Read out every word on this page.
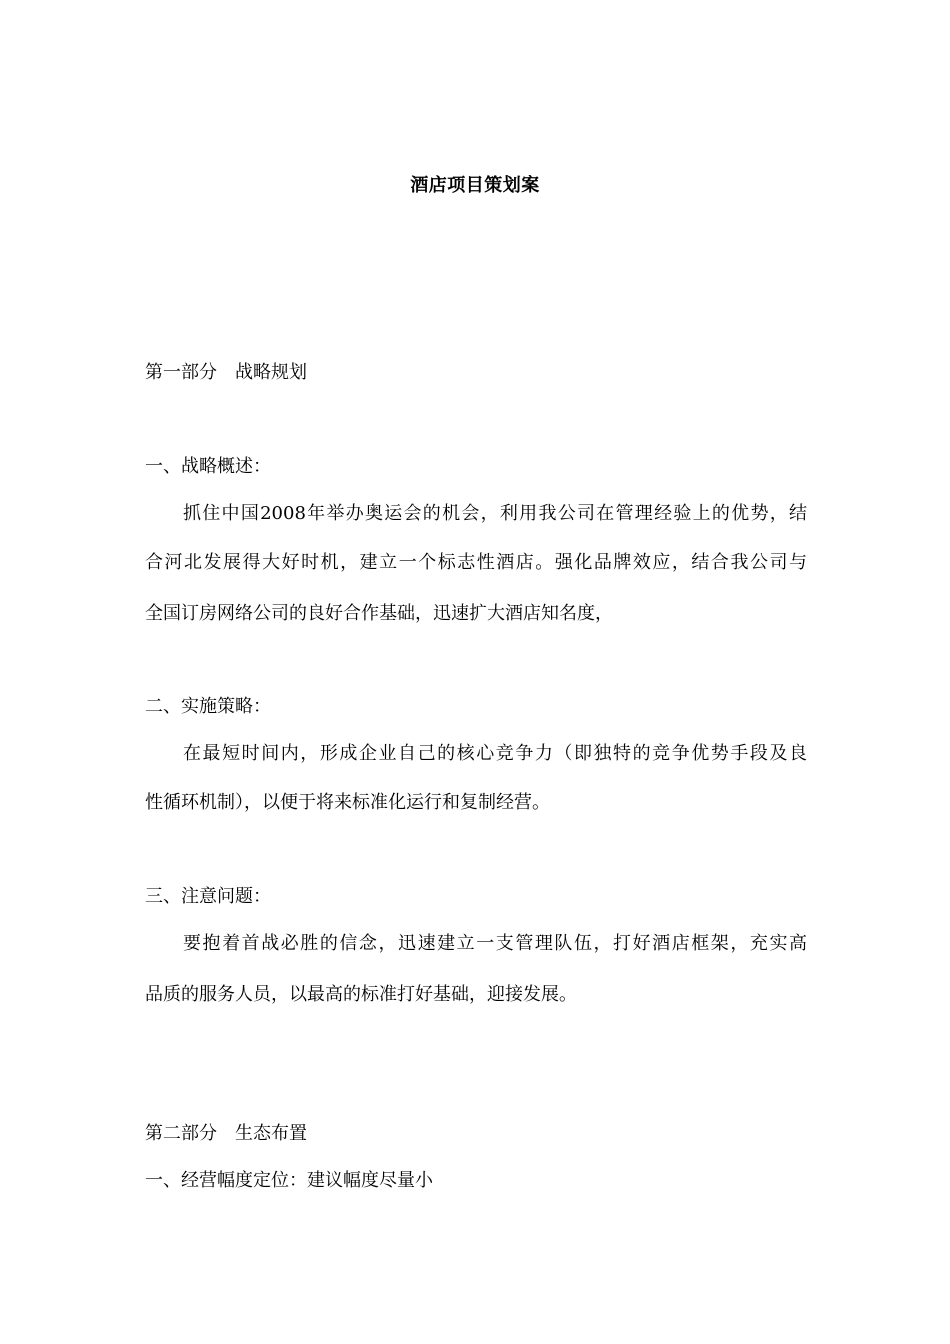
酒店项目策划案
第一部分 战略规划
一、战略概述：
抓住中国2008年举办奥运会的机会，利用我公司在管理经验上的优势，结
合河北发展得大好时机，建立一个标志性酒店。强化品牌效应，结合我公司与
全国订房网络公司的良好合作基础，迅速扩大酒店知名度，
二、实施策略：
在最短时间内，形成企业自己的核心竞争力（即独特的竞争优势手段及良
性循环机制），以便于将来标准化运行和复制经营。
三、注意问题：
要抱着首战必胜的信念，迅速建立一支管理队伍，打好酒店框架，充实高
品质的服务人员，以最高的标准打好基础，迎接发展。
第二部分 生态布置
一、经营幅度定位：建议幅度尽量小
